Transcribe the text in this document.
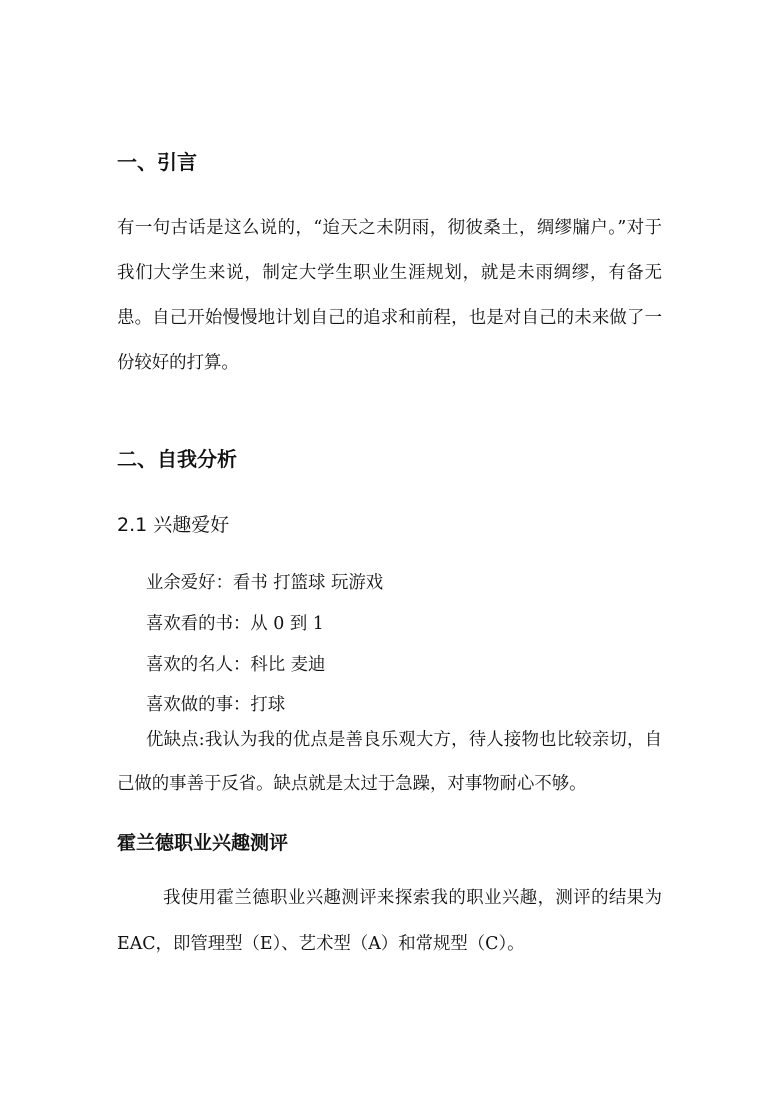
一、引言
有一句古话是这么说的，“迨天之未阴雨，彻彼桑土，绸缪牖户。”对于我们大学生来说，制定大学生职业生涯规划，就是未雨绸缪，有备无患。自己开始慢慢地计划自己的追求和前程，也是对自己的未来做了一份较好的打算。
二、自我分析
2.1 兴趣爱好
业余爱好：看书 打篮球 玩游戏
喜欢看的书：从 0 到 1
喜欢的名人：科比 麦迪
喜欢做的事：打球
优缺点:我认为我的优点是善良乐观大方，待人接物也比较亲切，自己做的事善于反省。缺点就是太过于急躁，对事物耐心不够。
霍兰德职业兴趣测评
我使用霍兰德职业兴趣测评来探索我的职业兴趣，测评的结果为 EAC，即管理型（E）、艺术型（A）和常规型（C）。
